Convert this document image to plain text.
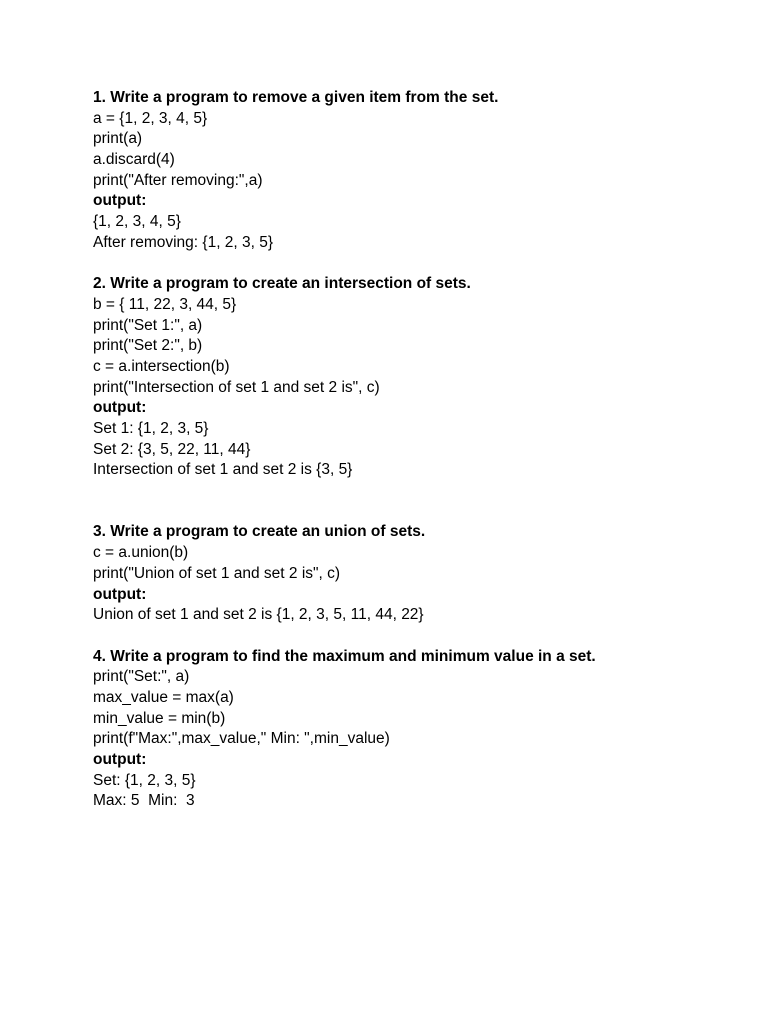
1. Write a program to remove a given item from the set.
a = {1, 2, 3, 4, 5}
print(a)
a.discard(4)
print("After removing:",a)
output:
{1, 2, 3, 4, 5}
After removing: {1, 2, 3, 5}
2. Write a program to create an intersection of sets.
b = { 11, 22, 3, 44, 5}
print("Set 1:", a)
print("Set 2:", b)
c = a.intersection(b)
print("Intersection of set 1 and set 2 is", c)
output:
Set 1: {1, 2, 3, 5}
Set 2: {3, 5, 22, 11, 44}
Intersection of set 1 and set 2 is {3, 5}
3. Write a program to create an union of sets.
c = a.union(b)
print("Union of set 1 and set 2 is", c)
output:
Union of set 1 and set 2 is {1, 2, 3, 5, 11, 44, 22}
4. Write a program to find the maximum and minimum value in a set.
print("Set:", a)
max_value = max(a)
min_value = min(b)
print(f"Max:",max_value," Min: ",min_value)
output:
Set: {1, 2, 3, 5}
Max: 5  Min:  3
